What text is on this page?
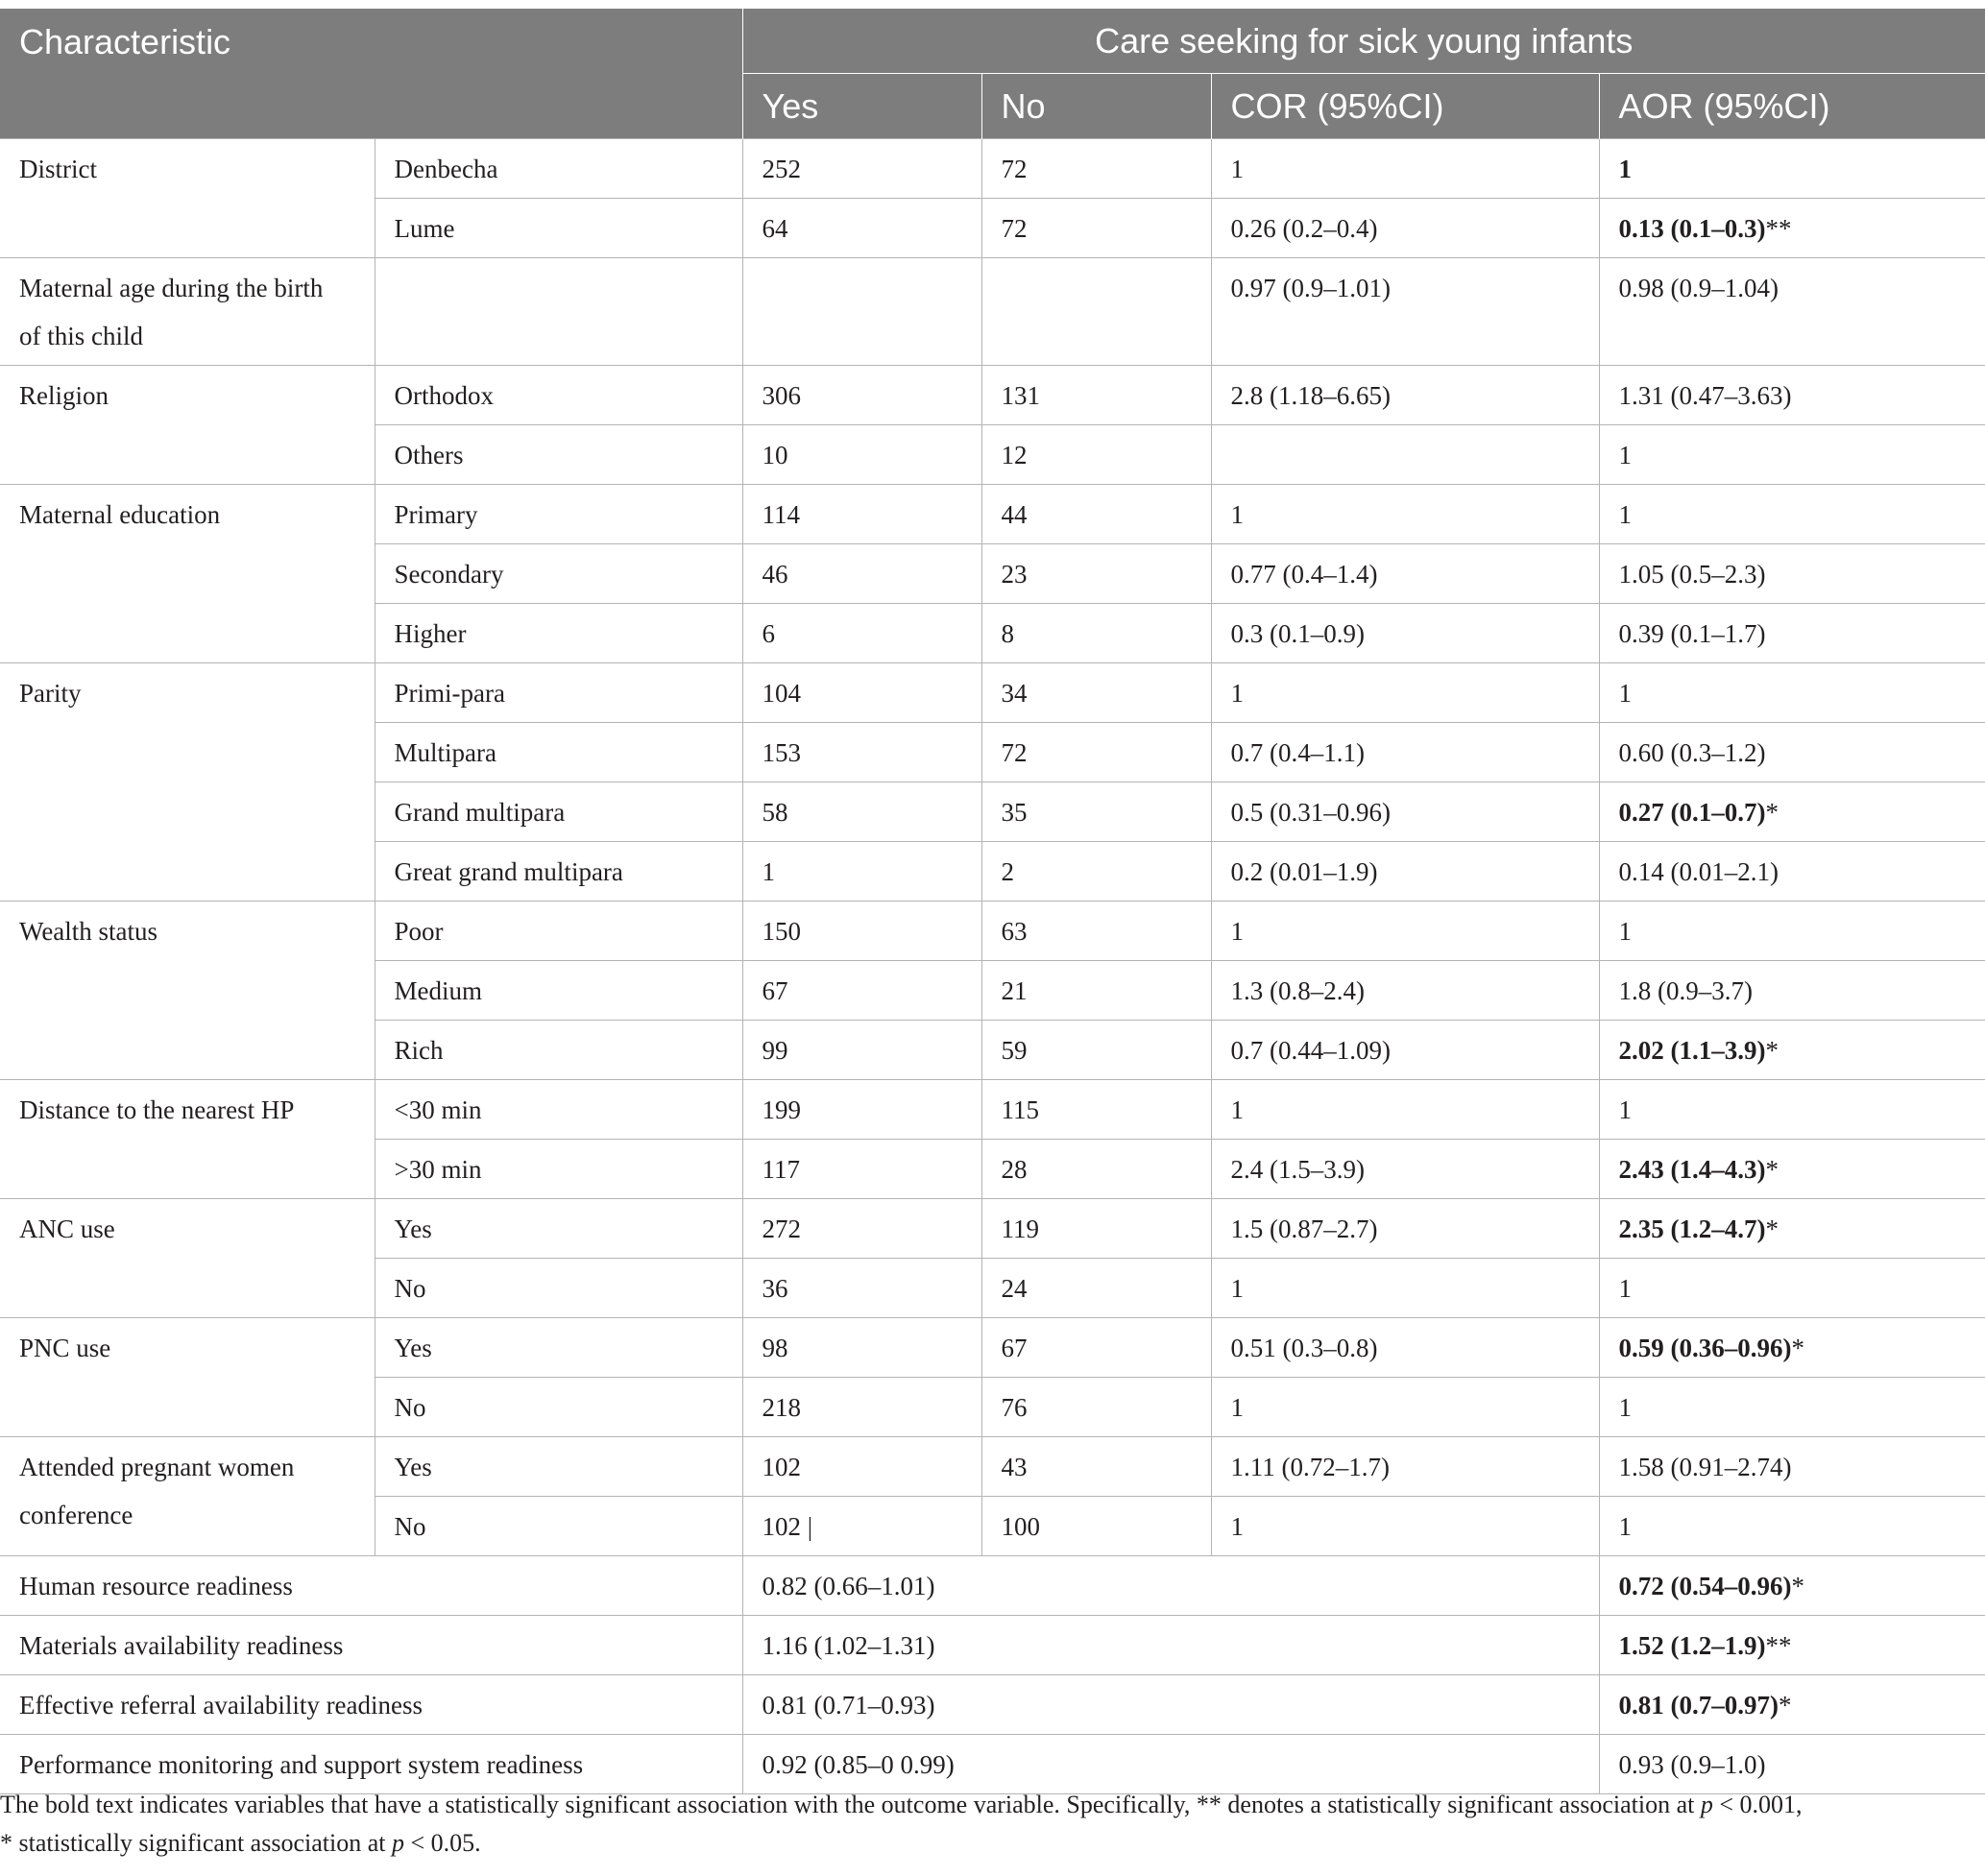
Characteristic		Care seeking for sick young infants			
		Yes	No	COR (95%CI)	AOR (95%CI)
District	Denbecha	252	72	1	1
	Lume	64	72	0.26 (0.2–0.4)	0.13 (0.1–0.3)**
Maternal age during the birth
of this child				0.97 (0.9–1.01)	0.98 (0.9–1.04)
Religion	Orthodox	306	131	2.8 (1.18–6.65)	1.31 (0.47–3.63)
	Others	10	12		1
Maternal education	Primary	114	44	1	1
	Secondary	46	23	0.77 (0.4–1.4)	1.05 (0.5–2.3)
	Higher	6	8	0.3 (0.1–0.9)	0.39 (0.1–1.7)
Parity	Primi-para	104	34	1	1
	Multipara	153	72	0.7 (0.4–1.1)	0.60 (0.3–1.2)
	Grand multipara	58	35	0.5 (0.31–0.96)	0.27 (0.1–0.7)*
	Great grand multipara	1	2	0.2 (0.01–1.9)	0.14 (0.01–2.1)
Wealth status	Poor	150	63	1	1
	Medium	67	21	1.3 (0.8–2.4)	1.8 (0.9–3.7)
	Rich	99	59	0.7 (0.44–1.09)	2.02 (1.1–3.9)*
Distance to the nearest HP	<30 min	199	115	1	1
	>30 min	117	28	2.4 (1.5–3.9)	2.43 (1.4–4.3)*
ANC use	Yes	272	119	1.5 (0.87–2.7)	2.35 (1.2–4.7)*
	No	36	24	1	1
PNC use	Yes	98	67	0.51 (0.3–0.8)	0.59 (0.36–0.96)*
	No	218	76	1	1
Attended pregnant women
conference	Yes	102	43	1.11 (0.72–1.7)	1.58 (0.91–2.74)
	No	102 |	100	1	1
Human resource readiness		0.82 (0.66–1.01)			0.72 (0.54–0.96)*
Materials availability readiness		1.16 (1.02–1.31)			1.52 (1.2–1.9)**
Effective referral availability readiness		0.81 (0.71–0.93)			0.81 (0.7–0.97)*
Performance monitoring and support system readiness		0.92 (0.85–0 0.99)			0.93 (0.9–1.0)
The bold text indicates variables that have a statistically significant association with the outcome variable. Specifically, ** denotes a statistically significant association at p < 0.001,
* statistically significant association at p < 0.05.
